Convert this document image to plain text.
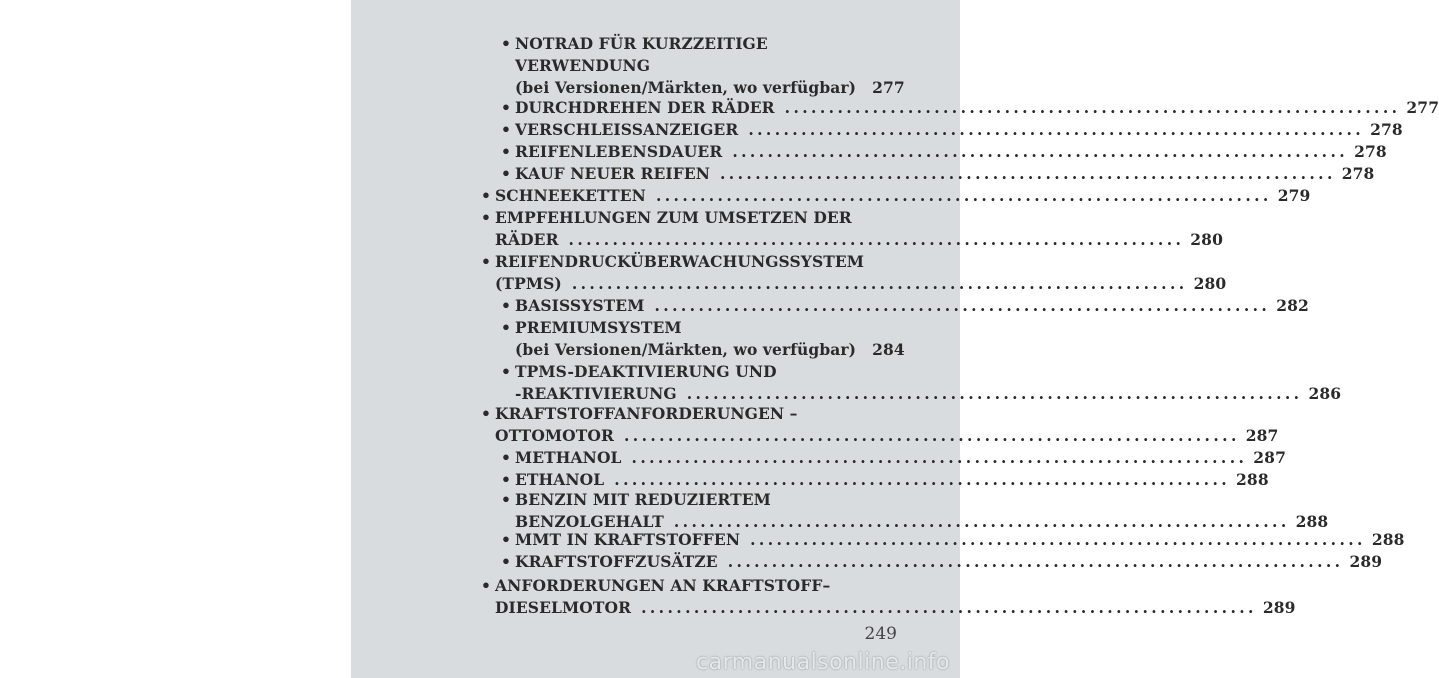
• NOTRAD FÜR KURZZEITIGE
VERWENDUNG
(bei Versionen/Märkten, wo verfügbar) 277
• DURCHDREHEN DER RÄDER ...................................................................... 277
• VERSCHLEISSANZEIGER ...................................................................... 278
• REIFENLEBENSDAUER ...................................................................... 278
• KAUF NEUER REIFEN ...................................................................... 278
• SCHNEEKETTEN ...................................................................... 279
• EMPFEHLUNGEN ZUM UMSETZEN DER
RÄDER ...................................................................... 280
• REIFENDRUCKÜBERWACHUNGSSYSTEM
(TPMS) ...................................................................... 280
• BASISSYSTEM ...................................................................... 282
• PREMIUMSYSTEM
(bei Versionen/Märkten, wo verfügbar) 284
• TPMS-DEAKTIVIERUNG UND
-REAKTIVIERUNG ...................................................................... 286
• KRAFTSTOFFANFORDERUNGEN –
OTTOMOTOR ...................................................................... 287
• METHANOL ...................................................................... 287
• ETHANOL ...................................................................... 288
• BENZIN MIT REDUZIERTEM
BENZOLGEHALT ...................................................................... 288
• MMT IN KRAFTSTOFFEN ...................................................................... 288
• KRAFTSTOFFZUSÄTZE ...................................................................... 289
• ANFORDERUNGEN AN KRAFTSTOFF–
DIESELMOTOR ...................................................................... 289
249
carmanualsonline.info
